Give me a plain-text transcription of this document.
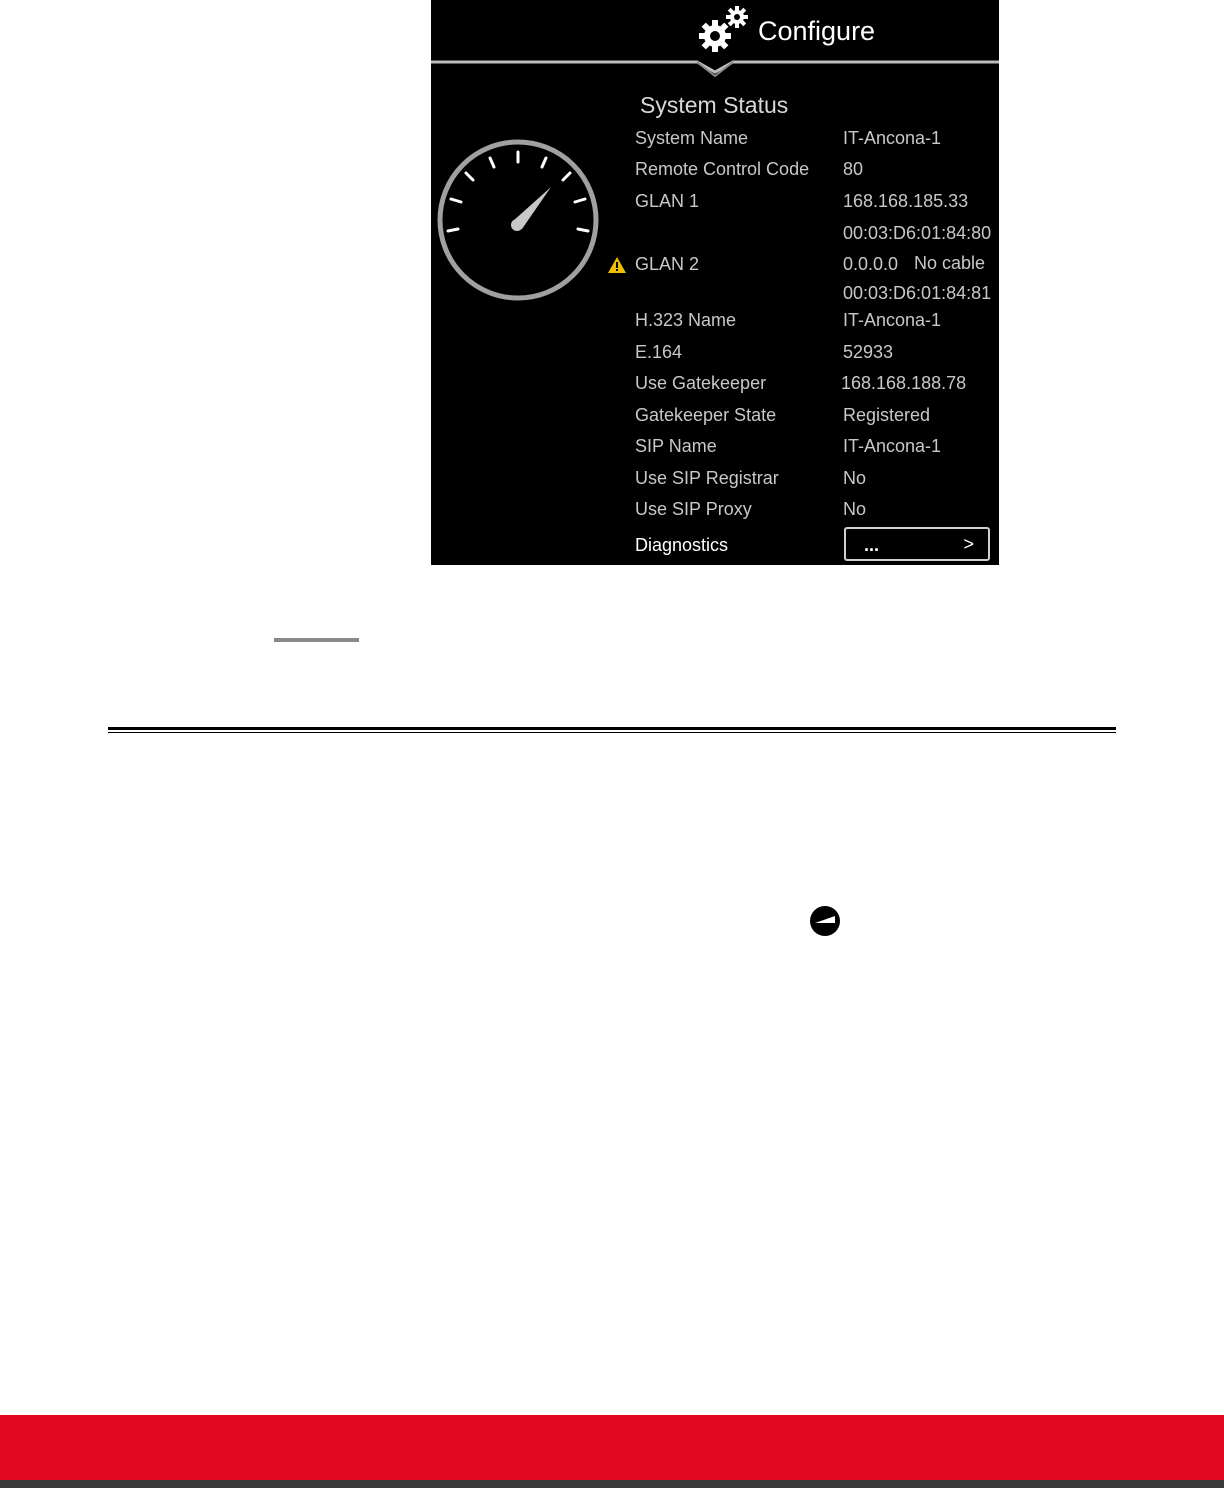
Configure
System Status
System Name	IT-Ancona-1
Remote Control Code 80
GLAN 1	168.168.185.33
00:03:D6:01:84:80
GLAN 2	0.0.0.0 No cable
00:03:D6:01:84:81
H.323 Name	IT-Ancona-1
E.164	52933
Use Gatekeeper	168.168.188.78
Gatekeeper State	Registered
SIP Name	IT-Ancona-1
Use SIP Registrar	No
Use SIP Proxy	No
Diagnostics	...	>
